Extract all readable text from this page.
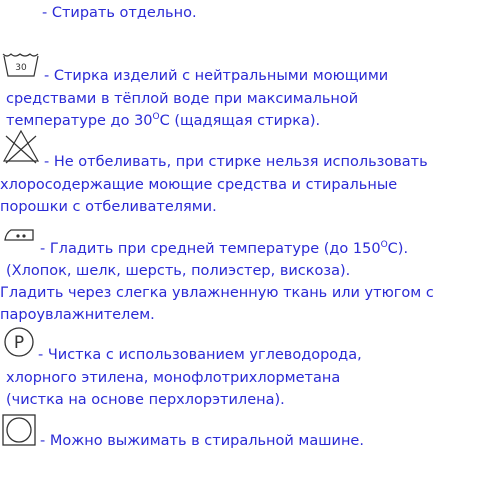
- Стирать отдельно.
30 - Стирка изделий с нейтральными моющими
средствами в тёплой воде при максимальной
температуре до $30^OC$ (щадящая стирка).
- Не отбеливать, при стирке нельзя использовать
хлоросодержащие моющие средства и стиральные
порошки с отбеливателями.
- Гладить при средней температуре (до $150^OC$).
(Хлопок, шелк, шерсть, полиэстер, вискоза).
Гладить через слегка увлажненную ткань или утюгом с
пароувлажнителем.
P
- Чистка с использованием углеводорода,
хлорного этилена, монофлотрихлорметана
(чистка на основе перхлорэтилена).
- Можно выжимать в стиральной машине.
